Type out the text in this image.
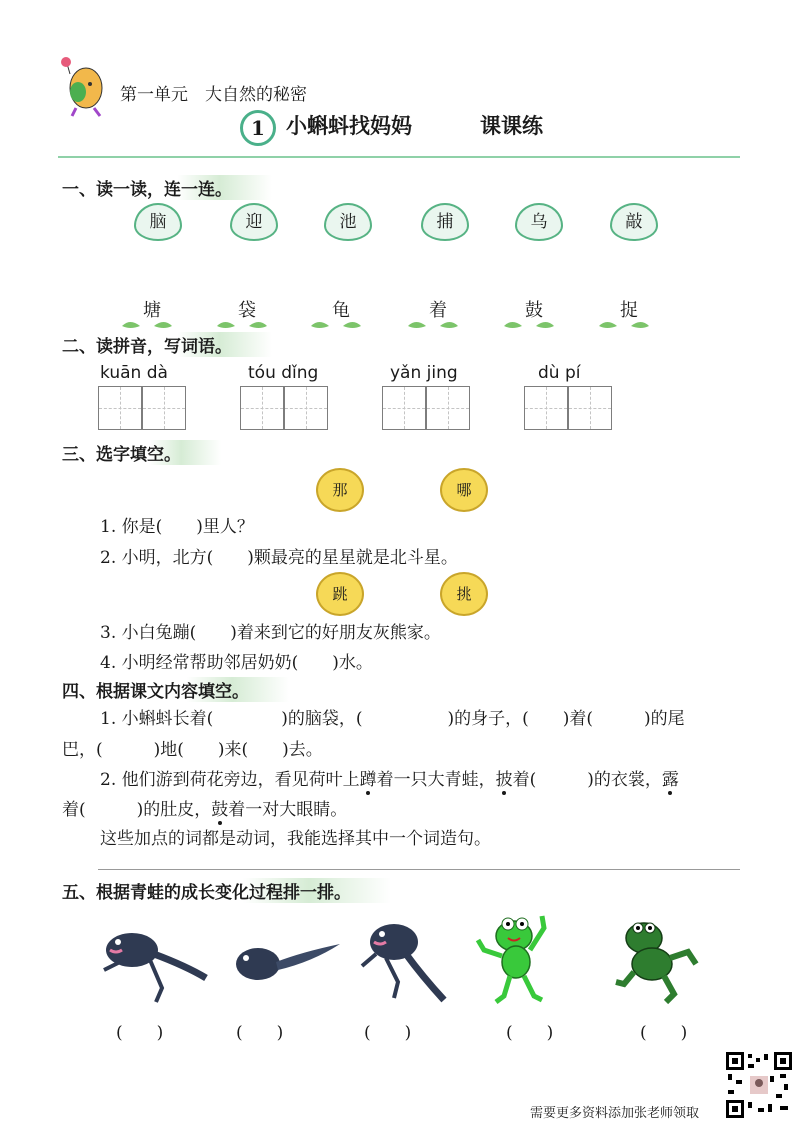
第一单元　大自然的秘密
1	小蝌蚪找妈妈	课课练
一、读一读，连一连。
脑	迎	池	捕	乌	敲
塘	袋	龟	着	鼓	捉
二、读拼音，写词语。
kuān dà	tóu dǐng	yǎn jing	dù pí
三、选字填空。
那	哪
1. 你是(　　)里人？
2. 小明，北方(　　)颗最亮的星星就是北斗星。
跳	挑
3. 小白兔蹦(　　)着来到它的好朋友灰熊家。
4. 小明经常帮助邻居奶奶(　　)水。
四、根据课文内容填空。
1. 小蝌蚪长着(　　　　)的脑袋，(　　　　　)的身子，(　　)着(　　　)的尾
巴，(　　　)地(　　)来(　　)去。
2. 他们游到荷花旁边，看见荷叶上蹲着一只大青蛙，披着(　　　)的衣裳，露
着(　　　)的肚皮，鼓着一对大眼睛。
这些加点的词都是动词，我能选择其中一个词造句。
五、根据青蛙的成长变化过程排一排。
(　　)	(　　)	(　　)	(　　)	(　　)
需要更多资料添加张老师领取
